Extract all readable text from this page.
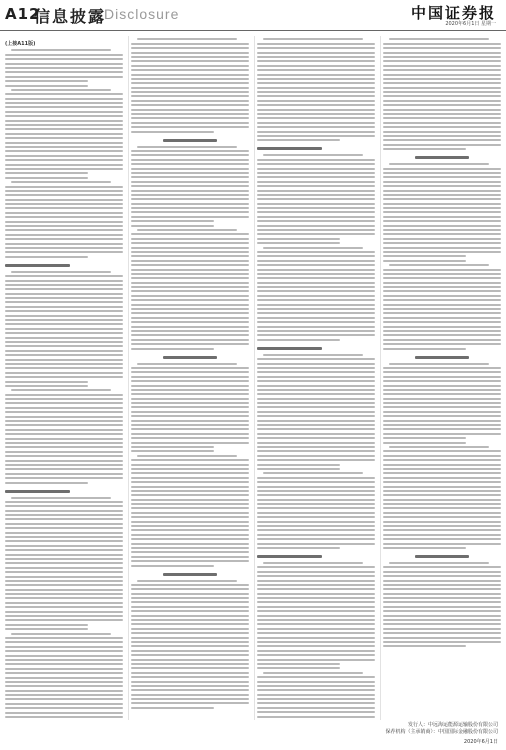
A12
信息披露
Disclosure	中国证券报
2020年6月1日 星期一
(上接A11版)
发行人：中远海运能源运输股份有限公司
保荐机构（主承销商）：中国国际金融股份有限公司
2020年6月1日
